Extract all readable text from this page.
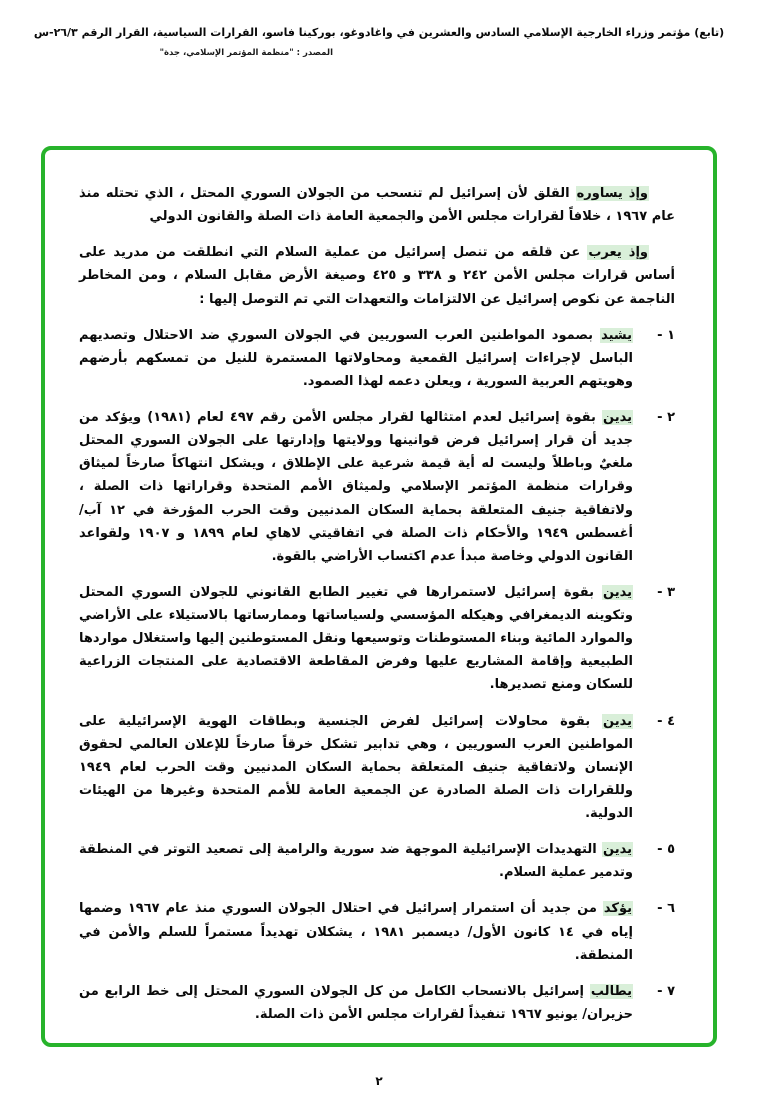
(تابع) مؤتمر وزراء الخارجية الإسلامي السادس والعشرين في واغادوغو، بوركينا فاسو، القرارات السياسية، القرار الرقم ٢٦/٣-س
المصدر : "منظمة المؤتمر الإسلامي، جدة"

وإذ يساوره القلق لأن إسرائيل لم تنسحب من الجولان السوري المحتل ، الذي تحتله منذ عام ١٩٦٧ ، خلافاً لقرارات مجلس الأمن والجمعية العامة ذات الصلة والقانون الدولي

وإذ يعرب عن قلقه من تنصل إسرائيل من عملية السلام التي انطلقت من مدريد على أساس قرارات مجلس الأمن ٢٤٢ و ٣٣٨ و ٤٢٥ وصيغة الأرض مقابل السلام ، ومن المخاطر الناجمة عن نكوص إسرائيل عن الالتزامات والتعهدات التي تم التوصل إليها :

١ -
يشيد بصمود المواطنين العرب السوريين في الجولان السوري ضد الاحتلال وتصديهم الباسل لإجراءات إسرائيل القمعية ومحاولاتها المستمرة للنيل من تمسكهم بأرضهم وهويتهم العربية السورية ، ويعلن دعمه لهذا الصمود.
٢ -
يدين بقوة إسرائيل لعدم امتثالها لقرار مجلس الأمن رقم ٤٩٧ لعام (١٩٨١) ويؤكد من جديد أن قرار إسرائيل فرض قوانينها وولايتها وإدارتها على الجولان السوري المحتل ملغيٌ وباطلاً وليست له أية قيمة شرعية على الإطلاق ، ويشكل انتهاكاً صارخاً لميثاق وقرارات منظمة المؤتمر الإسلامي ولميثاق الأمم المتحدة وقراراتها ذات الصلة ، ولاتفاقية جنيف المتعلقة بحماية السكان المدنيين وقت الحرب المؤرخة في ١٢ آب/ أغسطس ١٩٤٩ والأحكام ذات الصلة في اتفاقيتي لاهاي لعام ١٨٩٩ و ١٩٠٧ ولقواعد القانون الدولي وخاصة مبدأ عدم اكتساب الأراضي بالقوة.
٣ -
يدين بقوة إسرائيل لاستمرارها في تغيير الطابع القانوني للجولان السوري المحتل وتكوينه الديمغرافي وهيكله المؤسسي ولسياساتها وممارساتها بالاستيلاء على الأراضي والموارد المائية وبناء المستوطنات وتوسيعها ونقل المستوطنين إليها واستغلال مواردها الطبيعية وإقامة المشاريع عليها وفرض المقاطعة الاقتصادية على المنتجات الزراعية للسكان ومنع تصديرها.
٤ -
يدين بقوة محاولات إسرائيل لفرض الجنسية وبطاقات الهوية الإسرائيلية على المواطنين العرب السوريين ، وهي تدابير تشكل خرقاً صارخاً للإعلان العالمي لحقوق الإنسان ولاتفاقية جنيف المتعلقة بحماية السكان المدنيين وقت الحرب لعام ١٩٤٩ وللقرارات ذات الصلة الصادرة عن الجمعية العامة للأمم المتحدة وغيرها من الهيئات الدولية.
٥ -
يدين التهديدات الإسرائيلية الموجهة ضد سورية والرامية إلى تصعيد التوتر في المنطقة وتدمير عملية السلام.
٦ -
يؤكد من جديد أن استمرار إسرائيل في احتلال الجولان السوري منذ عام ١٩٦٧ وضمها إياه في ١٤ كانون الأول/ ديسمبر ١٩٨١ ، يشكلان تهديداً مستمراً للسلم والأمن في المنطقة.
٧ -
يطالب إسرائيل بالانسحاب الكامل من كل الجولان السوري المحتل إلى خط الرابع من حزيران/ يونيو ١٩٦٧ تنفيذاً لقرارات مجلس الأمن ذات الصلة.
٢
